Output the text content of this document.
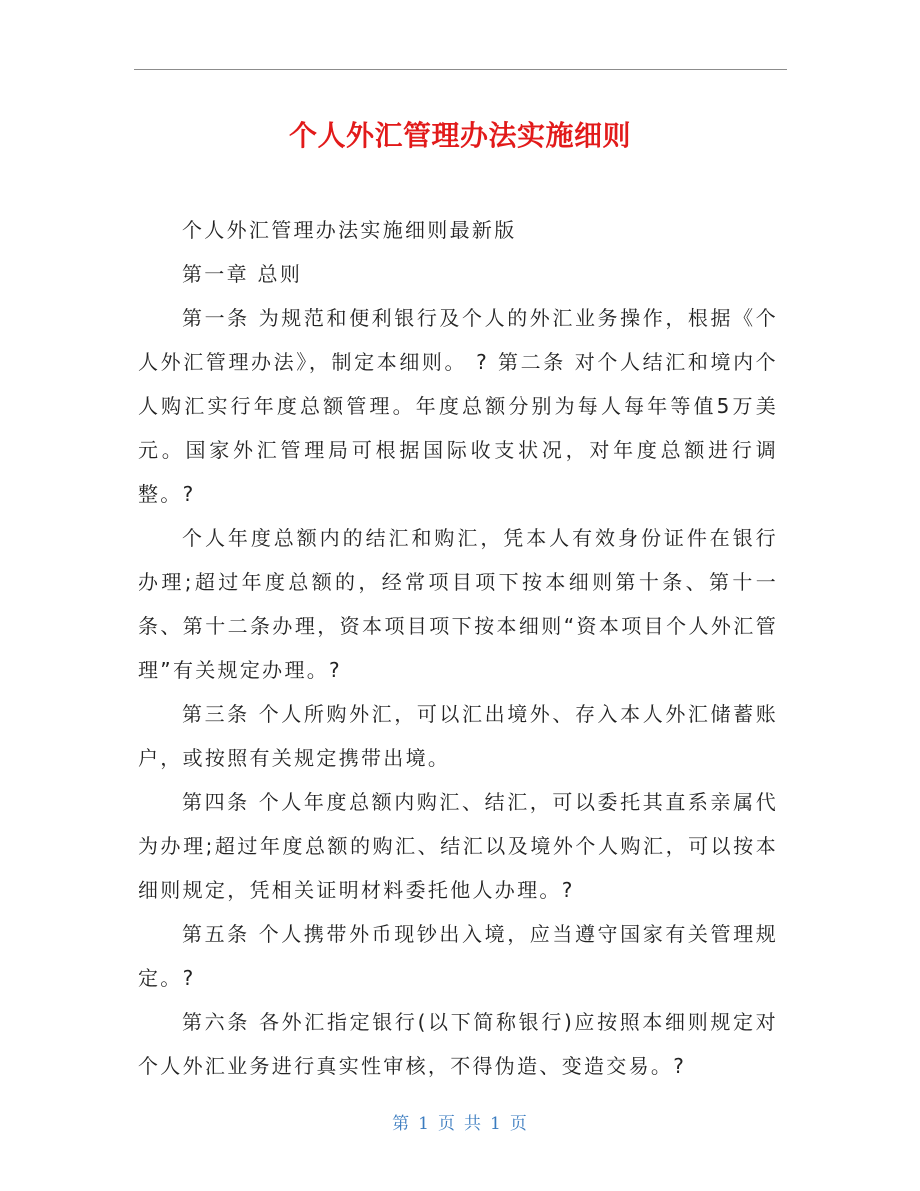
个人外汇管理办法实施细则

个人外汇管理办法实施细则最新版

第一章 总则

第一条 为规范和便利银行及个人的外汇业务操作，根据《个人外汇管理办法》，制定本细则。 ? 第二条 对个人结汇和境内个人购汇实行年度总额管理。年度总额分别为每人每年等值5万美元。国家外汇管理局可根据国际收支状况，对年度总额进行调整。?

个人年度总额内的结汇和购汇，凭本人有效身份证件在银行办理;超过年度总额的，经常项目项下按本细则第十条、第十一条、第十二条办理，资本项目项下按本细则“资本项目个人外汇管理”有关规定办理。?

第三条 个人所购外汇，可以汇出境外、存入本人外汇储蓄账户，或按照有关规定携带出境。

第四条 个人年度总额内购汇、结汇，可以委托其直系亲属代为办理;超过年度总额的购汇、结汇以及境外个人购汇，可以按本细则规定，凭相关证明材料委托他人办理。?

第五条 个人携带外币现钞出入境，应当遵守国家有关管理规定。?

第六条 各外汇指定银行(以下简称银行)应按照本细则规定对个人外汇业务进行真实性审核，不得伪造、变造交易。?

第 1 页 共 1 页
